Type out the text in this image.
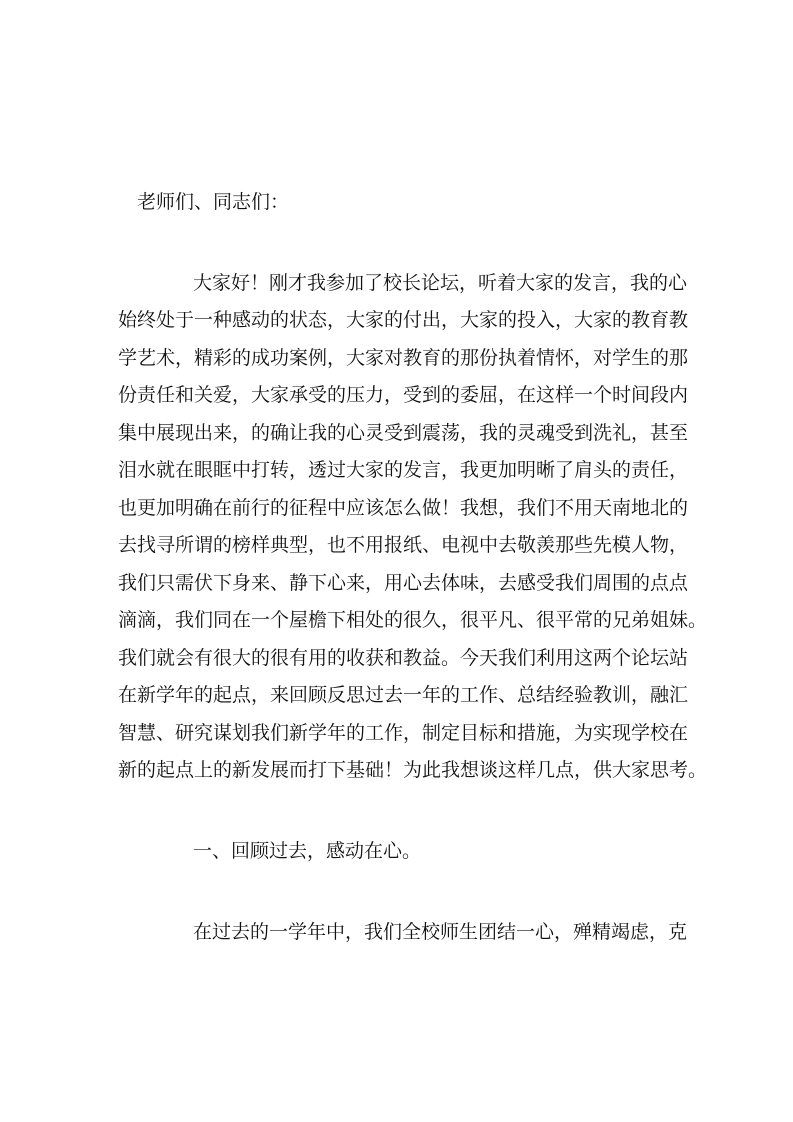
老师们、同志们：
大家好！刚才我参加了校长论坛，听着大家的发言，我的心
始终处于一种感动的状态，大家的付出，大家的投入，大家的教育教
学艺术，精彩的成功案例，大家对教育的那份执着情怀，对学生的那
份责任和关爱，大家承受的压力，受到的委屈，在这样一个时间段内
集中展现出来，的确让我的心灵受到震荡，我的灵魂受到洗礼，甚至
泪水就在眼眶中打转，透过大家的发言，我更加明晰了肩头的责任，
也更加明确在前行的征程中应该怎么做！我想，我们不用天南地北的
去找寻所谓的榜样典型，也不用报纸、电视中去敬羡那些先模人物，
我们只需伏下身来、静下心来，用心去体味，去感受我们周围的点点
滴滴，我们同在一个屋檐下相处的很久，很平凡、很平常的兄弟姐妹。
我们就会有很大的很有用的收获和教益。今天我们利用这两个论坛站
在新学年的起点，来回顾反思过去一年的工作、总结经验教训，融汇
智慧、研究谋划我们新学年的工作，制定目标和措施，为实现学校在
新的起点上的新发展而打下基础！为此我想谈这样几点，供大家思考。
一、回顾过去，感动在心。
在过去的一学年中，我们全校师生团结一心，殚精竭虑，克
